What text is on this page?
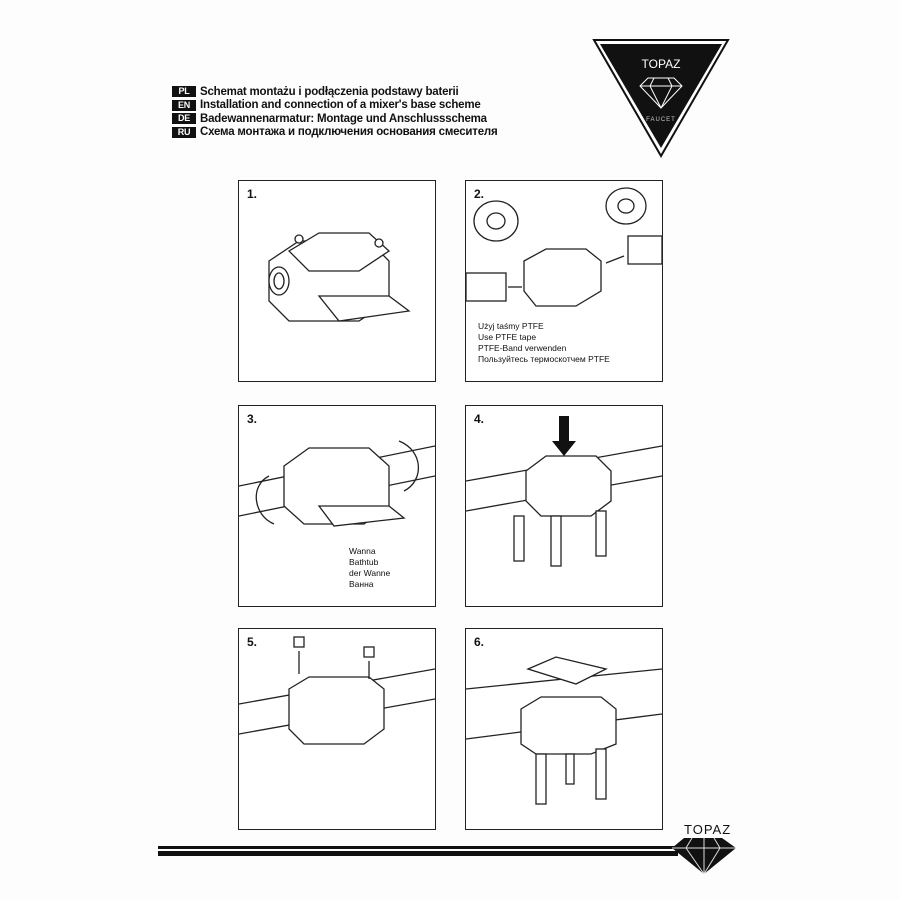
PL Schemat montażu i podłączenia podstawy baterii
EN Installation and connection of a mixer's base scheme
DE Badewannenarmatur: Montage und Anschlussschema
RU Схема монтажа и подключения основания смесителя
TOPAZ
FAUCET
1.	2.
Użyj taśmy PTFE
Use PTFE tape
PTFE-Band verwenden
Пользуйтесь термоскотчем PTFE
3.
Wanna
Bathtub
der Wanne
Ванна
4.
5.	6.
TOPAZ
